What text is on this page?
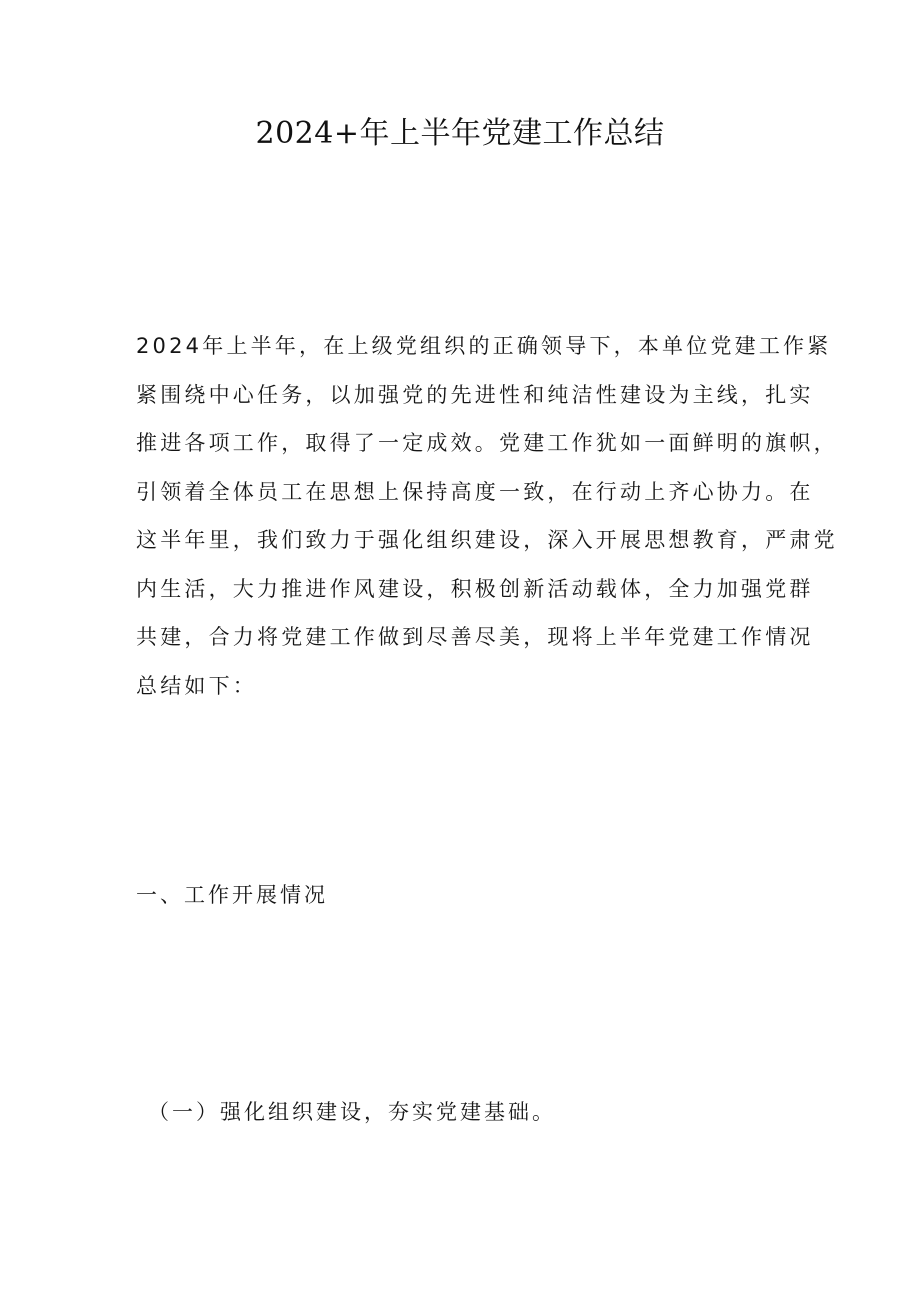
2024+年上半年党建工作总结
2024年上半年，在上级党组织的正确领导下，本单位党建工作紧
紧围绕中心任务，以加强党的先进性和纯洁性建设为主线，扎实
推进各项工作，取得了一定成效。党建工作犹如一面鲜明的旗帜，
引领着全体员工在思想上保持高度一致，在行动上齐心协力。在
这半年里，我们致力于强化组织建设，深入开展思想教育，严肃党
内生活，大力推进作风建设，积极创新活动载体，全力加强党群
共建，合力将党建工作做到尽善尽美，现将上半年党建工作情况
总结如下：
一、工作开展情况
（一）强化组织建设，夯实党建基础。
